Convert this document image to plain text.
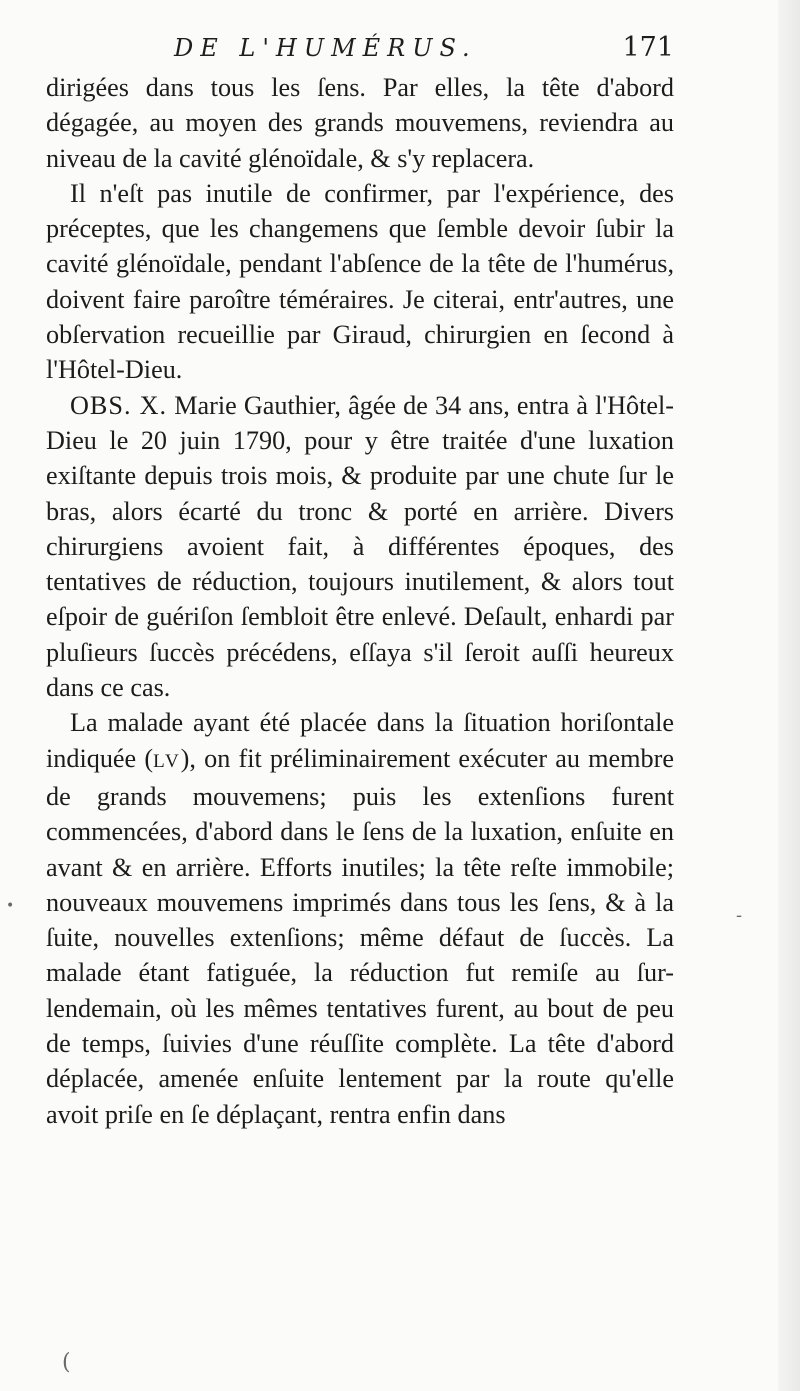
DE L'HUMÉRUS.	171

dirigées dans tous les ſens. Par elles, la tête d'abord dégagée, au moyen des grands mouvemens, reviendra au niveau de la cavité glénoïdale, & s'y replacera.

Il n'eſt pas inutile de confirmer, par l'expérience, des préceptes, que les changemens que ſemble devoir ſubir la cavité glénoïdale, pendant l'abſence de la tête de l'humérus, doivent faire paroître téméraires. Je citerai, entr'autres, une obſervation recueillie par Giraud, chirurgien en ſecond à l'Hôtel-Dieu.

OBS. X. Marie Gauthier, âgée de 34 ans, entra à l'Hôtel-Dieu le 20 juin 1790, pour y être traitée d'une luxation exiſtante depuis trois mois, & produite par une chute ſur le bras, alors écarté du tronc & porté en arrière. Divers chirurgiens avoient fait, à différentes époques, des tentatives de réduction, toujours inutilement, & alors tout eſpoir de guériſon ſembloit être enlevé. Deſault, enhardi par pluſieurs ſuccès précédens, eſſaya s'il ſeroit auſſi heureux dans ce cas.

La malade ayant été placée dans la ſituation horiſontale indiquée (LV), on fit préliminairement exécuter au membre de grands mouvemens; puis les extenſions furent commencées, d'abord dans le ſens de la luxation, enſuite en avant & en arrière. Efforts inutiles; la tête reſte immobile; nouveaux mouvemens imprimés dans tous les ſens, & à la ſuite, nouvelles extenſions; même défaut de ſuccès. La malade étant fatiguée, la réduction fut remiſe au ſur-lendemain, où les mêmes tentatives furent, au bout de peu de temps, ſuivies d'une réuſſite complète. La tête d'abord déplacée, amenée enſuite lentement par la route qu'elle avoit priſe en ſe déplaçant, rentra enfin dans

•
(
-
